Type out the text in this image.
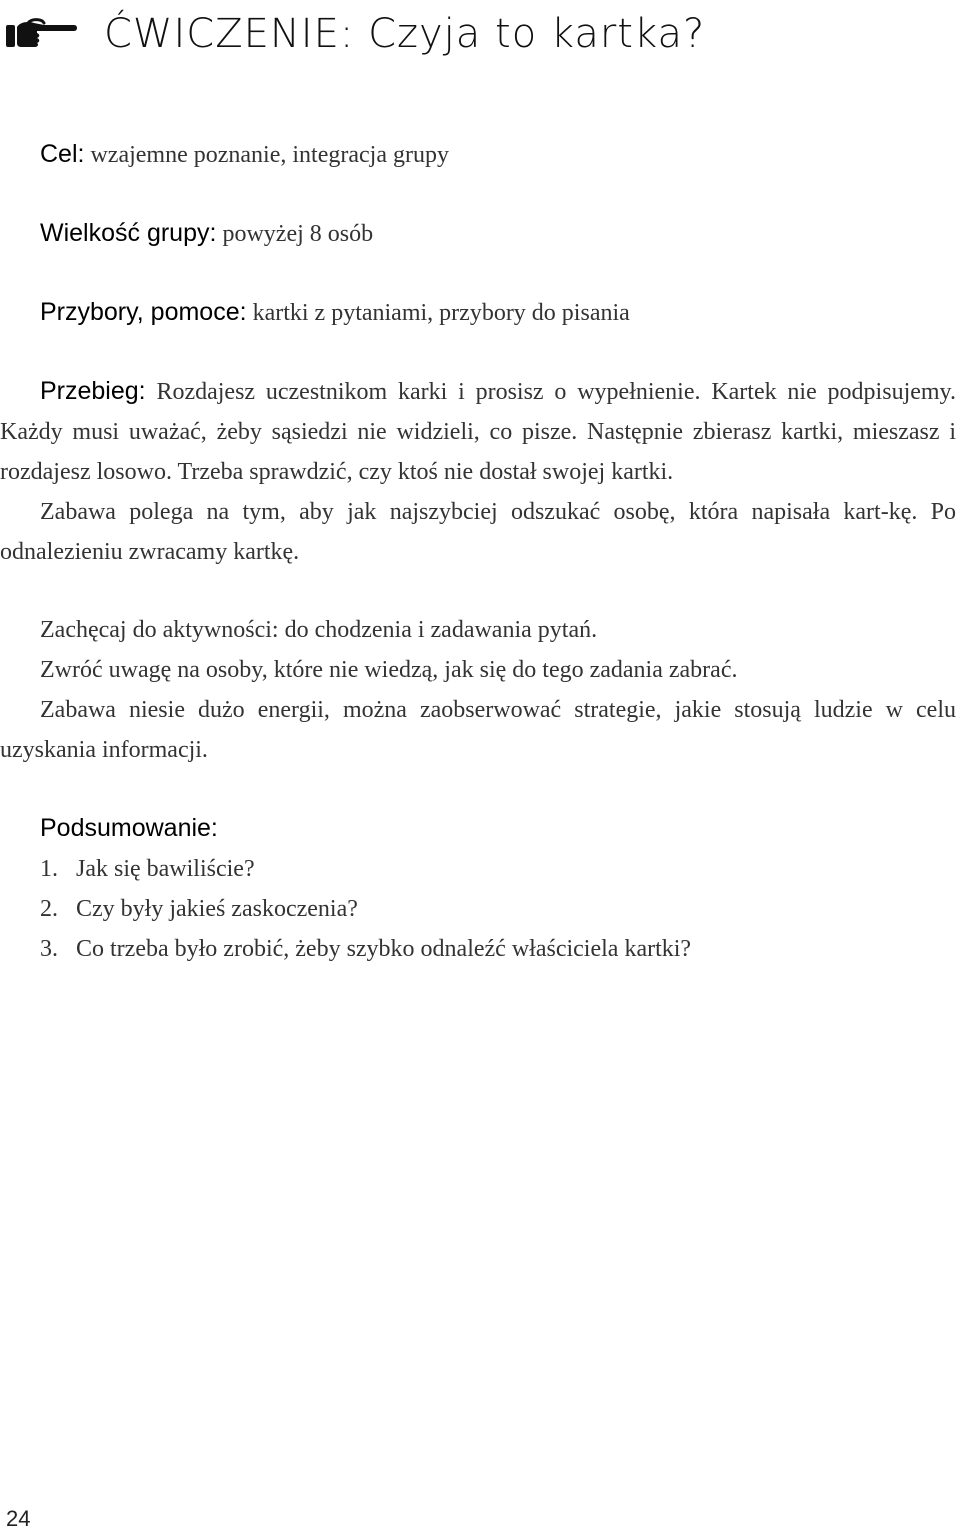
ĆWICZENIE: Czyja to kartka?

Cel: wzajemne poznanie, integracja grupy

Wielkość grupy: powyżej 8 osób

Przybory, pomoce: kartki z pytaniami, przybory do pisania

Przebieg: Rozdajesz uczestnikom karki i prosisz o wypełnienie. Kartek nie podpisujemy. Każdy musi uważać, żeby sąsiedzi nie widzieli, co pisze. Następnie zbierasz kartki, mieszasz i rozdajesz losowo. Trzeba sprawdzić, czy ktoś nie dostał swojej kartki.

Zabawa polega na tym, aby jak najszybciej odszukać osobę, która napisała kart-kę. Po odnalezieniu zwracamy kartkę.

Zachęcaj do aktywności: do chodzenia i zadawania pytań.

Zwróć uwagę na osoby, które nie wiedzą, jak się do tego zadania zabrać.

Zabawa niesie dużo energii, można zaobserwować strategie, jakie stosują ludzie w celu uzyskania informacji.

Podsumowanie:

1. Jak się bawiliście?
2. Czy były jakieś zaskoczenia?
3. Co trzeba było zrobić, żeby szybko odnaleźć właściciela kartki?
24
